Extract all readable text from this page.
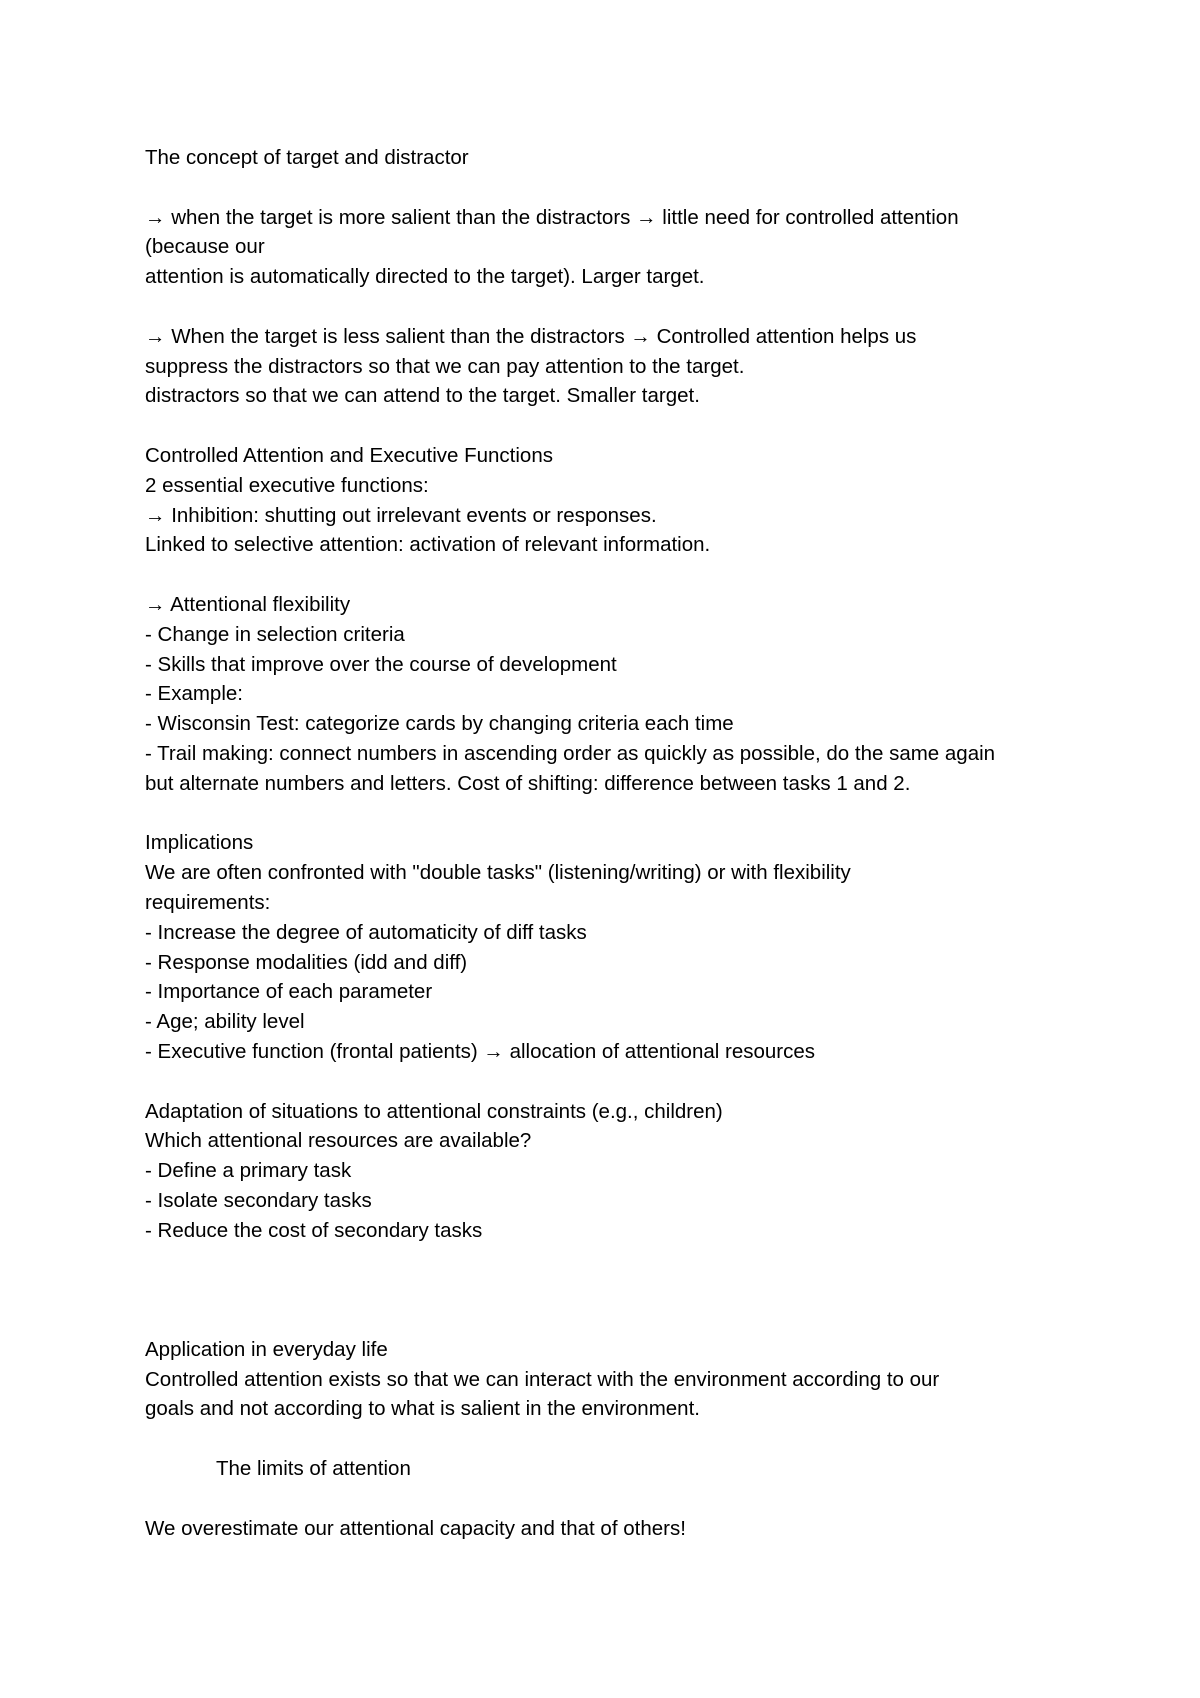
The concept of target and distractor
→ when the target is more salient than the distractors → little need for controlled attention
(because our
attention is automatically directed to the target). Larger target.
→ When the target is less salient than the distractors → Controlled attention helps us
suppress the distractors so that we can pay attention to the target.
distractors so that we can attend to the target. Smaller target.
Controlled Attention and Executive Functions
2 essential executive functions:
→ Inhibition: shutting out irrelevant events or responses.
Linked to selective attention: activation of relevant information.
→ Attentional flexibility
- Change in selection criteria
- Skills that improve over the course of development
- Example:
- Wisconsin Test: categorize cards by changing criteria each time
- Trail making: connect numbers in ascending order as quickly as possible, do the same again
but alternate numbers and letters. Cost of shifting: difference between tasks 1 and 2.
Implications
We are often confronted with "double tasks" (listening/writing) or with flexibility
requirements:
- Increase the degree of automaticity of diff tasks
- Response modalities (idd and diff)
- Importance of each parameter
- Age; ability level
- Executive function (frontal patients) → allocation of attentional resources
Adaptation of situations to attentional constraints (e.g., children)
Which attentional resources are available?
- Define a primary task
- Isolate secondary tasks
- Reduce the cost of secondary tasks
Application in everyday life
Controlled attention exists so that we can interact with the environment according to our
goals and not according to what is salient in the environment.
The limits of attention
We overestimate our attentional capacity and that of others!
